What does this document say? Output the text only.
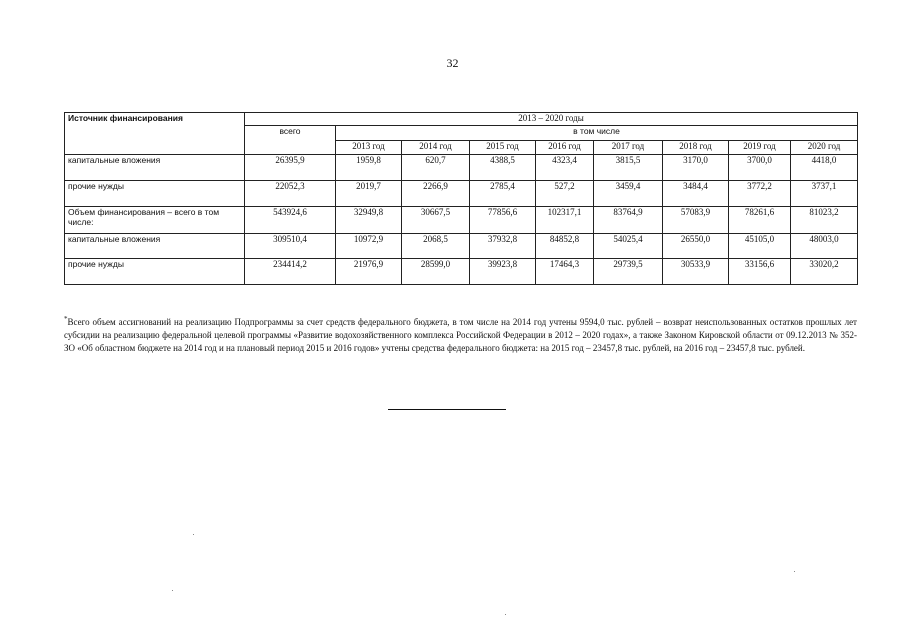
32
Источник финансирования	2013 – 2020 годы								
	всего	в том числе							
		2013 год	2014 год	2015 год	2016 год	2017 год	2018 год	2019 год	2020 год
капитальные вложения	26395,9	1959,8	620,7	4388,5	4323,4	3815,5	3170,0	3700,0	4418,0
прочие нужды	22052,3	2019,7	2266,9	2785,4	527,2	3459,4	3484,4	3772,2	3737,1
Объем финансирования – всего в том числе:	543924,6	32949,8	30667,5	77856,6	102317,1	83764,9	57083,9	78261,6	81023,2
капитальные вложения	309510,4	10972,9	2068,5	37932,8	84852,8	54025,4	26550,0	45105,0	48003,0
прочие нужды	234414,2	21976,9	28599,0	39923,8	17464,3	29739,5	30533,9	33156,6	33020,2
*Всего объем ассигнований на реализацию Подпрограммы за счет средств федерального бюджета, в том числе на 2014 год учтены 9594,0 тыс. рублей – возврат неиспользованных остатков прошлых лет субсидии на реализацию федеральной целевой программы «Развитие водохозяйственного комплекса Российской Федерации в 2012 – 2020 годах», а также Законом Кировской области от 09.12.2013 № 352-ЗО «Об областном бюджете на 2014 год и на плановый период 2015 и 2016 годов» учтены средства федерального бюджета: на 2015 год – 23457,8 тыс. рублей, на 2016 год – 23457,8 тыс. рублей.
